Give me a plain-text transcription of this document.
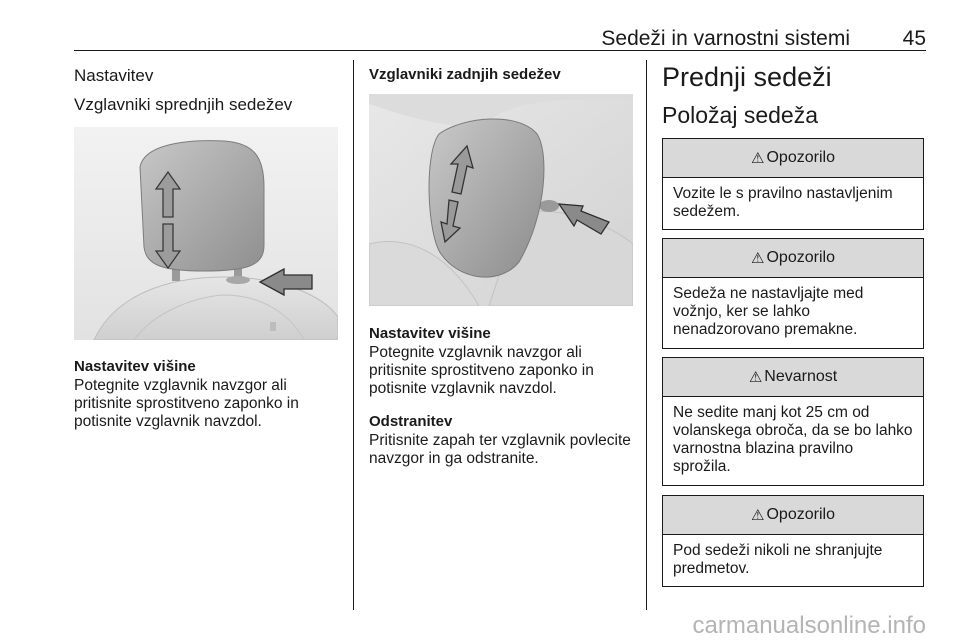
Sedeži in varnostni sistemi	45
Nastavitev
Vzglavniki sprednjih sedežev
Nastavitev višine
Potegnite vzglavnik navzgor ali pritisnite sprostitveno zaponko in potisnite vzglavnik navzdol.
Vzglavniki zadnjih sedežev
Nastavitev višine
Potegnite vzglavnik navzgor ali pritisnite sprostitveno zaponko in potisnite vzglavnik navzdol.
Odstranitev
Pritisnite zapah ter vzglavnik povlecite navzgor in ga odstranite.
Prednji sedeži
Položaj sedeža
⚠ Opozorilo
Vozite le s pravilno nastavljenim sedežem.
⚠ Opozorilo
Sedeža ne nastavljajte med vožnjo, ker se lahko nenadzorovano premakne.
⚠ Nevarnost
Ne sedite manj kot 25 cm od volanskega obroča, da se bo lahko varnostna blazina pravilno sprožila.
⚠ Opozorilo
Pod sedeži nikoli ne shranjujte predmetov.
carmanualsonline.info
